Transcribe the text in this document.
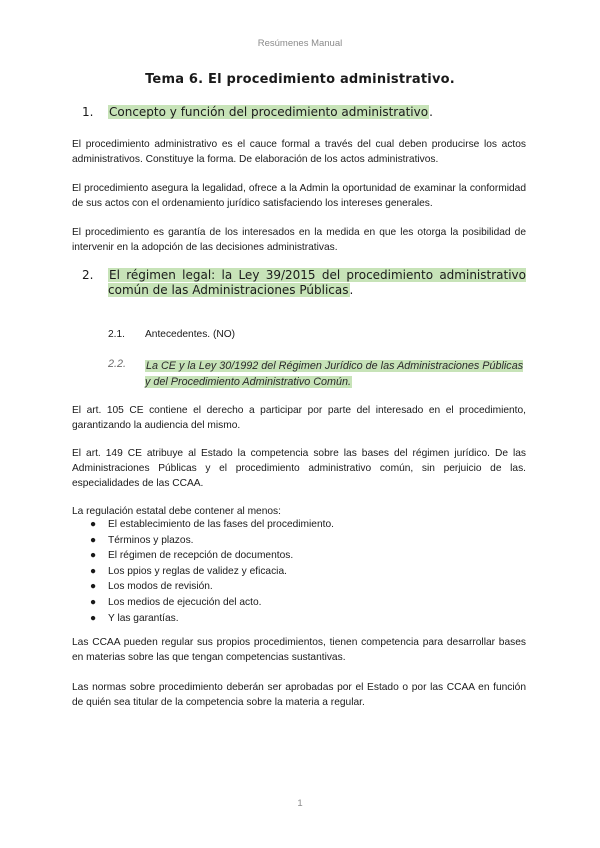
Resúmenes Manual
Tema 6. El procedimiento administrativo.
1. Concepto y función del procedimiento administrativo.

El procedimiento administrativo es el cauce formal a través del cual deben producirse los actos administrativos. Constituye la forma. De elaboración de los actos administrativos.

El procedimiento asegura la legalidad, ofrece a la Admin la oportunidad de examinar la conformidad de sus actos con el ordenamiento jurídico satisfaciendo los intereses generales.

El procedimiento es garantía de los interesados en la medida en que les otorga la posibilidad de intervenir en la adopción de las decisiones administrativas.

2. El régimen legal: la Ley 39/2015 del procedimiento administrativo común de las Administraciones Públicas.
2.1. Antecedentes. (NO)
2.2. La CE y la Ley 30/1992 del Régimen Jurídico de las Administraciones Públicas y del Procedimiento Administrativo Común.

El art. 105 CE contiene el derecho a participar por parte del interesado en el procedimiento, garantizando la audiencia del mismo.

El art. 149 CE atribuye al Estado la competencia sobre las bases del régimen jurídico. De las Administraciones Públicas y el procedimiento administrativo común, sin perjuicio de las. especialidades de las CCAA.

La regulación estatal debe contener al menos:

● El establecimiento de las fases del procedimiento.
● Términos y plazos.
● El régimen de recepción de documentos.
● Los ppios y reglas de validez y eficacia.
● Los modos de revisión.
● Los medios de ejecución del acto.
● Y las garantías.

Las CCAA pueden regular sus propios procedimientos, tienen competencia para desarrollar bases en materias sobre las que tengan competencias sustantivas.

Las normas sobre procedimiento deberán ser aprobadas por el Estado o por las CCAA en función de quién sea titular de la competencia sobre la materia a regular.

1
